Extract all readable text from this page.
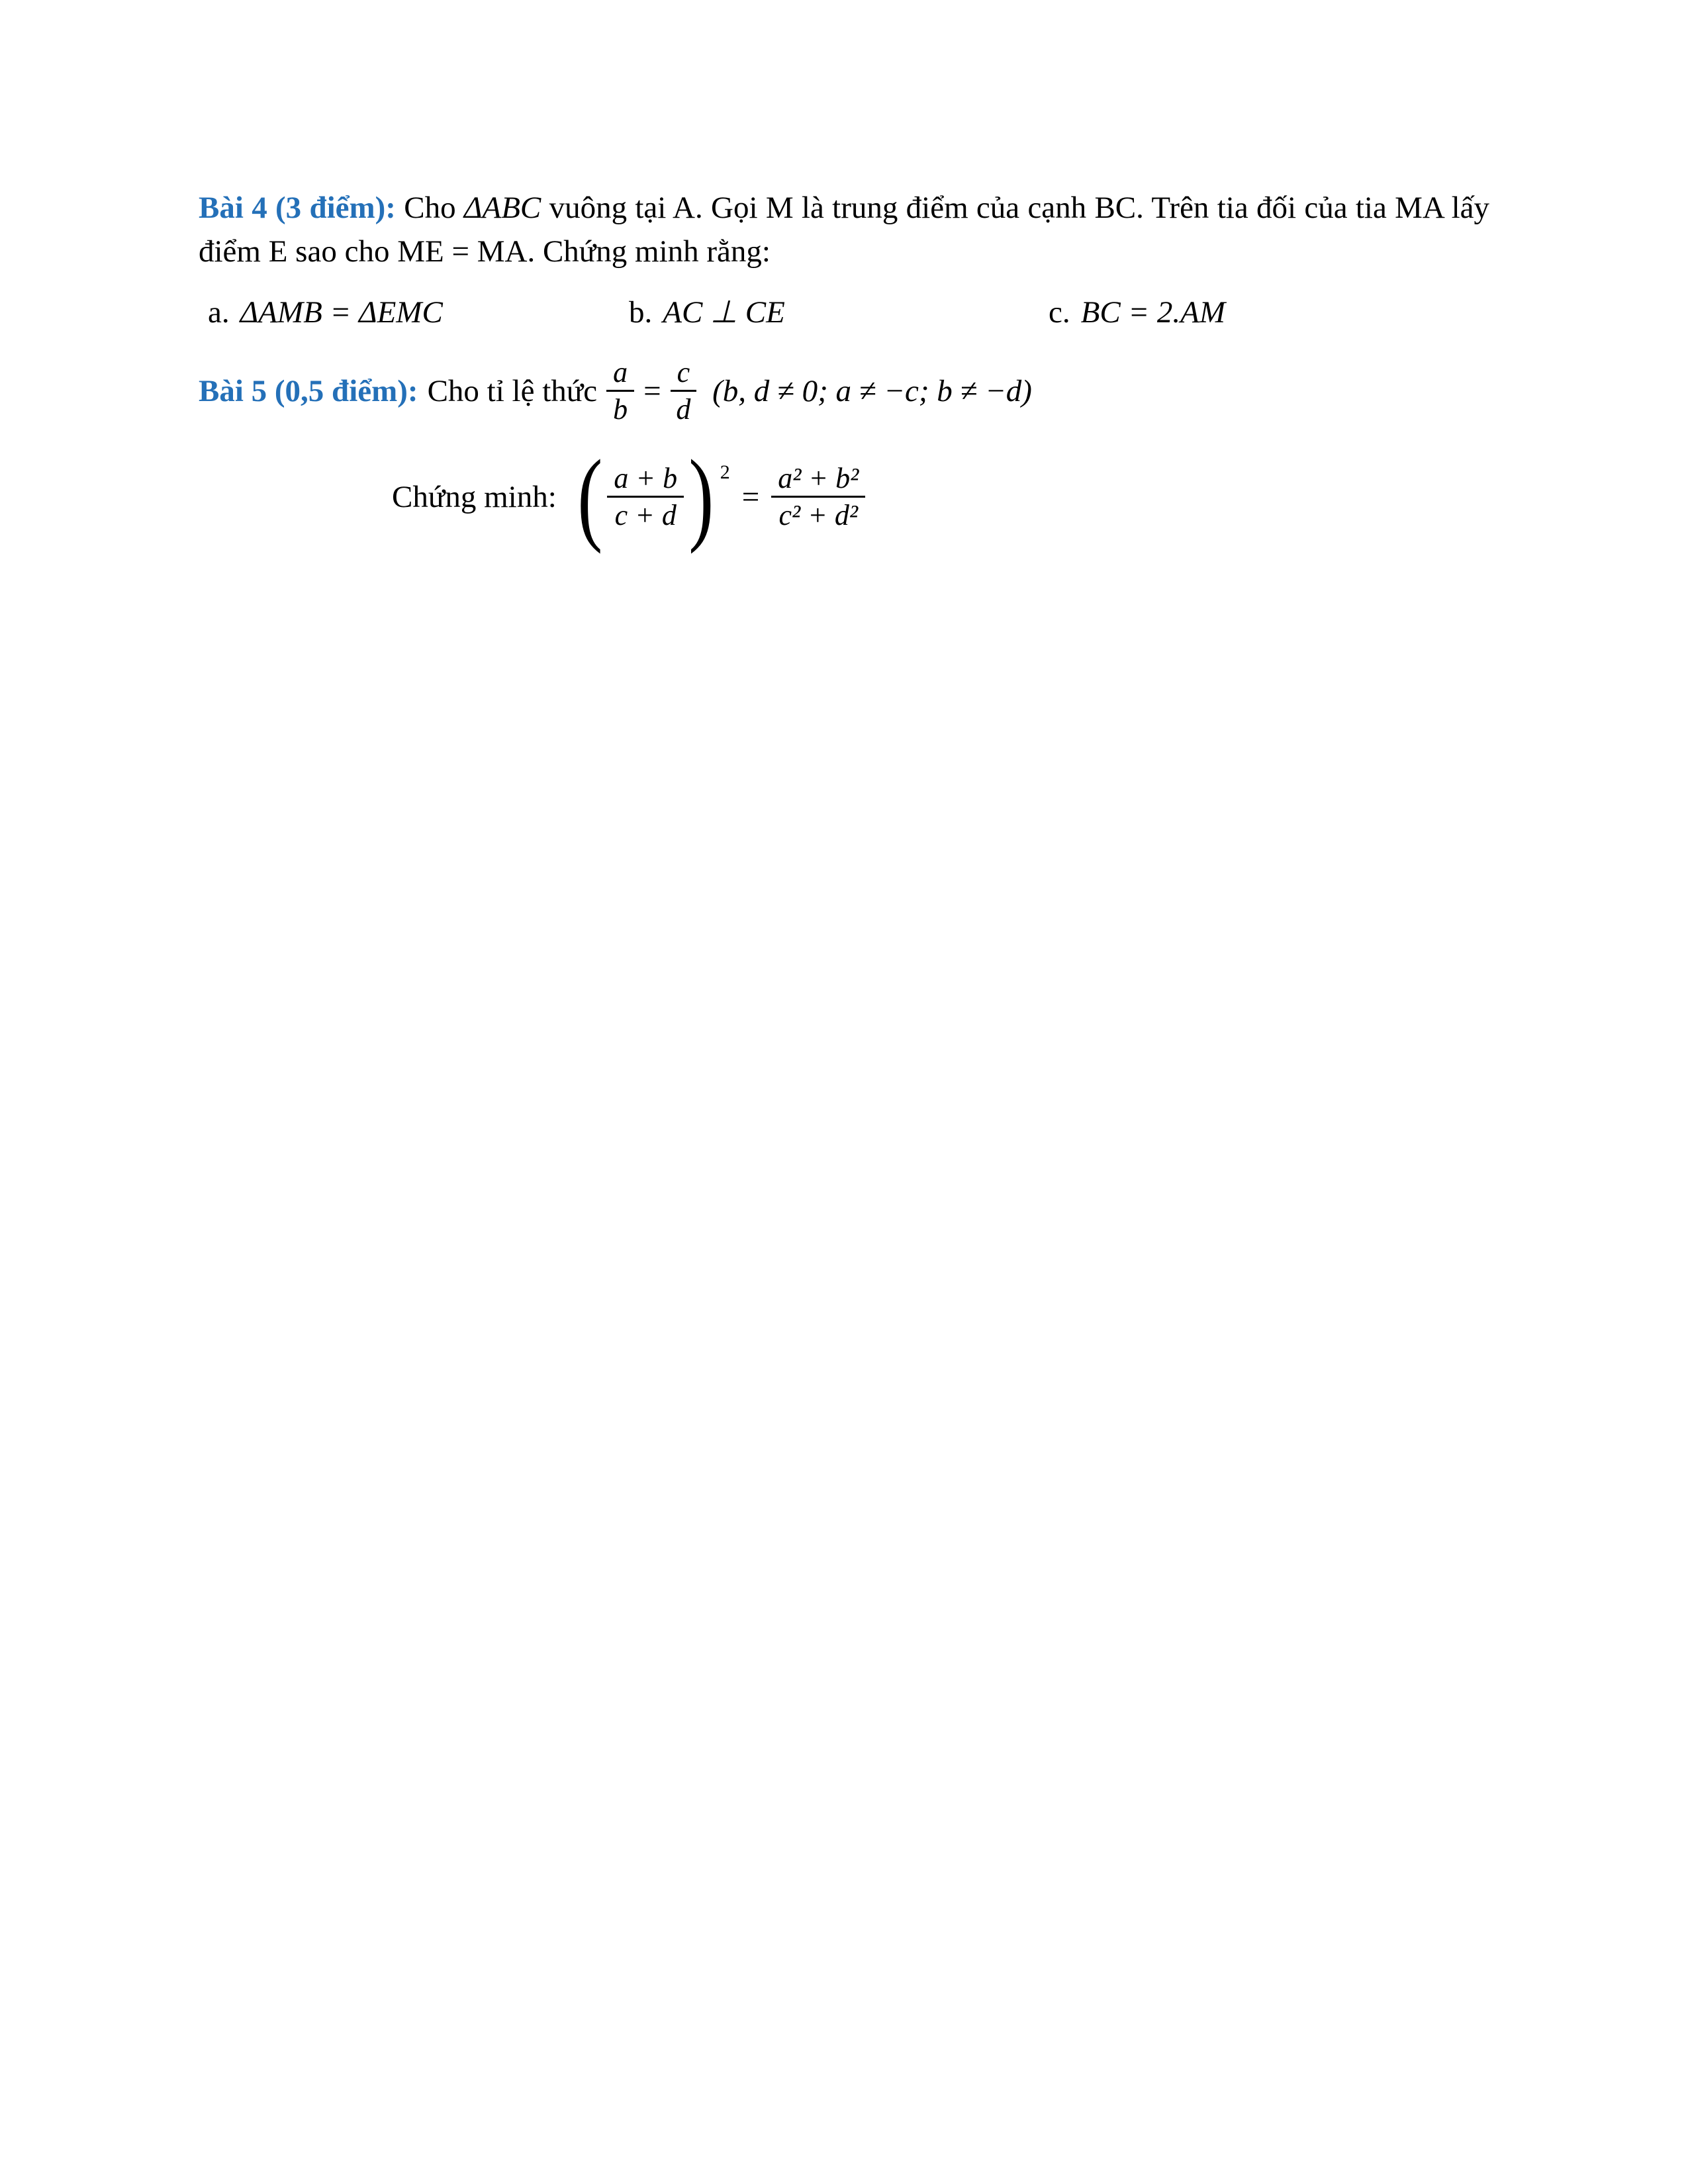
Bài 4 (3 điểm): Cho ΔABC vuông tại A. Gọi M là trung điểm của cạnh BC. Trên tia đối của tia MA lấy điểm E sao cho ME = MA. Chứng minh rằng:

a. ΔAMB = ΔEMC	b. AC ⊥ CE	c. BC = 2.AM
Bài 5 (0,5 điểm): Cho tỉ lệ thức $\frac{a}{b} = \frac{c}{d} (b$, d ≠ 0; a ≠ −c; b ≠ −d)
Chứng minh: ( $\frac{a + b}{c + d}$ ) 2
= $\frac{\text{a² + b²}}{\text{c² + d²}}$
